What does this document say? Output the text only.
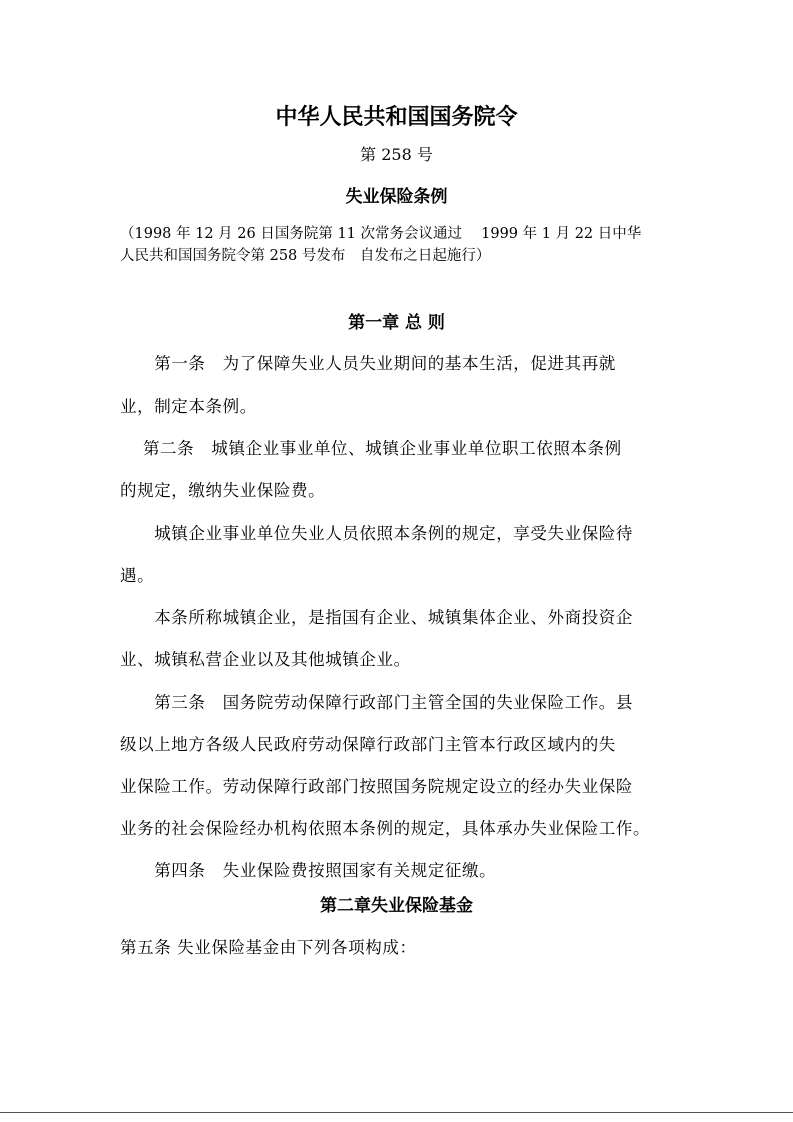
中华人民共和国国务院令
第 258 号
失业保险条例
（1998 年 12 月 26 日国务院第 11 次常务会议通过　 1999 年 1 月 22 日中华
人民共和国国务院令第 258 号发布　自发布之日起施行）
第一章 总 则

　　第一条　为了保障失业人员失业期间的基本生活，促进其再就

业，制定本条例。

　 第二条　城镇企业事业单位、城镇企业事业单位职工依照本条例

的规定，缴纳失业保险费。

　　城镇企业事业单位失业人员依照本条例的规定，享受失业保险待

遇。

　　本条所称城镇企业，是指国有企业、城镇集体企业、外商投资企

业、城镇私营企业以及其他城镇企业。

　　第三条　国务院劳动保障行政部门主管全国的失业保险工作。县

级以上地方各级人民政府劳动保障行政部门主管本行政区域内的失

业保险工作。劳动保障行政部门按照国务院规定设立的经办失业保险

业务的社会保险经办机构依照本条例的规定，具体承办失业保险工作。

　　第四条　失业保险费按照国家有关规定征缴。

第二章失业保险基金

第五条 失业保险基金由下列各项构成：
